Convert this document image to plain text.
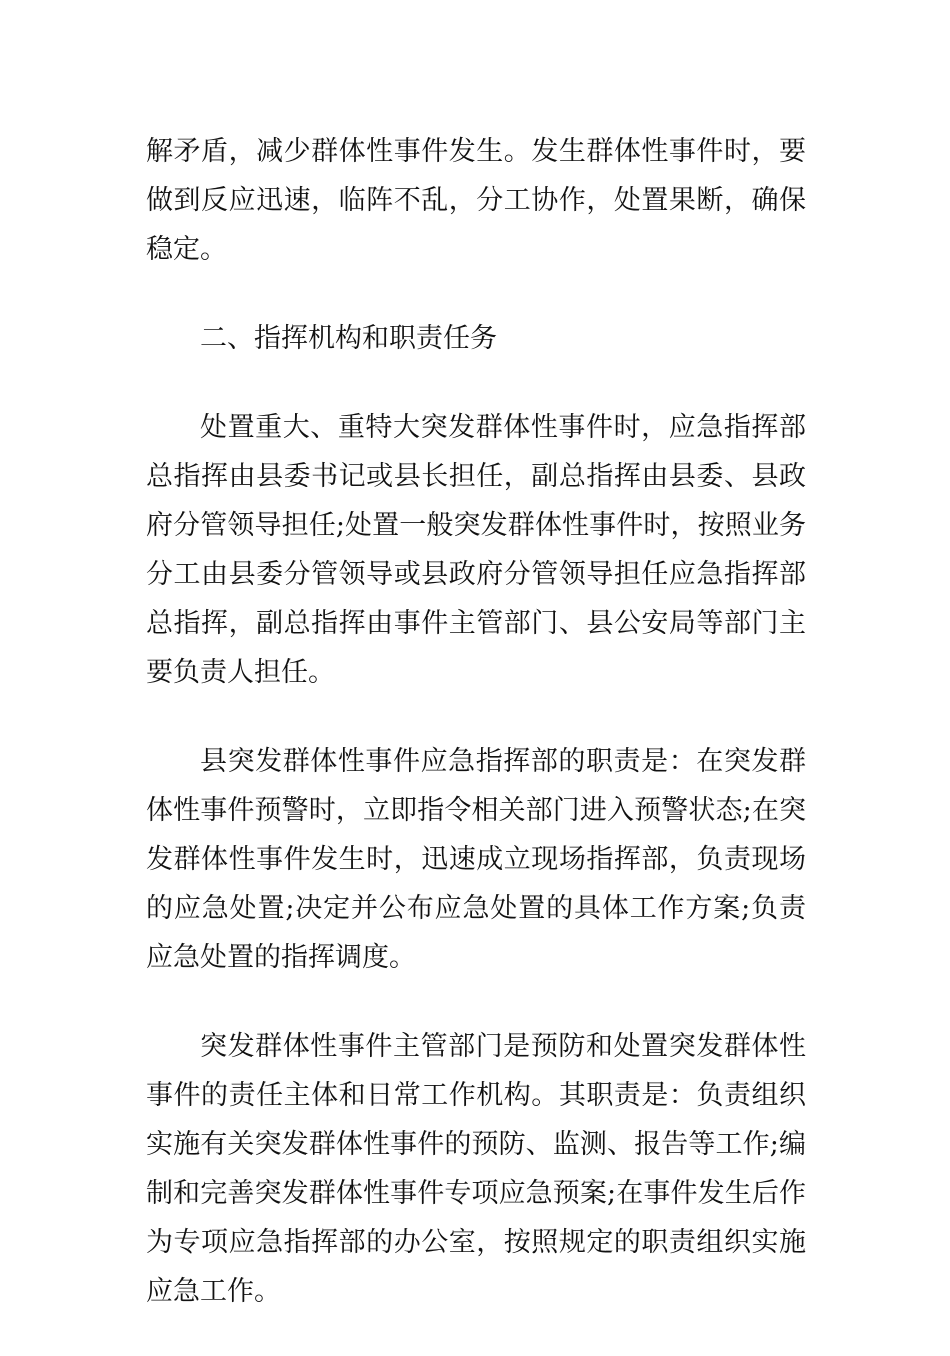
解矛盾，减少群体性事件发生。发生群体性事件时，要做到反应迅速，临阵不乱，分工协作，处置果断，确保稳定。

二、指挥机构和职责任务

处置重大、重特大突发群体性事件时，应急指挥部总指挥由县委书记或县长担任，副总指挥由县委、县政府分管领导担任;处置一般突发群体性事件时，按照业务分工由县委分管领导或县政府分管领导担任应急指挥部总指挥，副总指挥由事件主管部门、县公安局等部门主要负责人担任。

县突发群体性事件应急指挥部的职责是：在突发群体性事件预警时，立即指令相关部门进入预警状态;在突发群体性事件发生时，迅速成立现场指挥部，负责现场的应急处置;决定并公布应急处置的具体工作方案;负责应急处置的指挥调度。

突发群体性事件主管部门是预防和处置突发群体性事件的责任主体和日常工作机构。其职责是：负责组织实施有关突发群体性事件的预防、监测、报告等工作;编制和完善突发群体性事件专项应急预案;在事件发生后作为专项应急指挥部的办公室，按照规定的职责组织实施应急工作。
